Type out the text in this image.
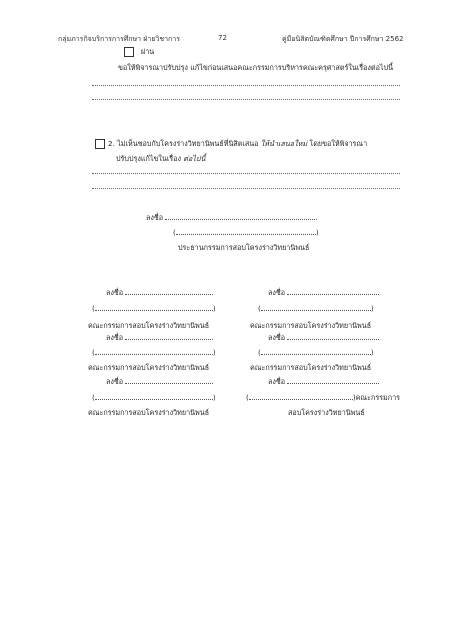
กลุ่มภารกิจบริการการศึกษา ฝ่ายวิชาการ	72	คู่มือนิสิตบัณฑิตศึกษา ปีการศึกษา 2562
ผ่าน
ขอให้พิจารณาปรับปรุง แก้ไขก่อนเสนอคณะกรรมการบริหารคณะครุศาสตร์ในเรื่องต่อไปนี้
2. ไม่เห็นชอบกับโครงร่างวิทยานิพนธ์ที่นิสิตเสนอ ให้นำเสนอใหม่ โดยขอให้พิจารณา
ปรับปรุงแก้ไขในเรื่อง ต่อไปนี้
ลงชื่อ
(	)
ประธานกรรมการสอบโครงร่างวิทยานิพนธ์
ลงชื่อ
(	)
คณะกรรมการสอบโครงร่างวิทยานิพนธ์
ลงชื่อ
(	)
คณะกรรมการสอบโครงร่างวิทยานิพนธ์
ลงชื่อ
(	)
คณะกรรมการสอบโครงร่างวิทยานิพนธ์
ลงชื่อ
(	)
คณะกรรมการสอบโครงร่างวิทยานิพนธ์
ลงชื่อ
(	)
คณะกรรมการสอบโครงร่างวิทยานิพนธ์
ลงชื่อ
(	)คณะกรรมการ
สอบโครงร่างวิทยานิพนธ์
